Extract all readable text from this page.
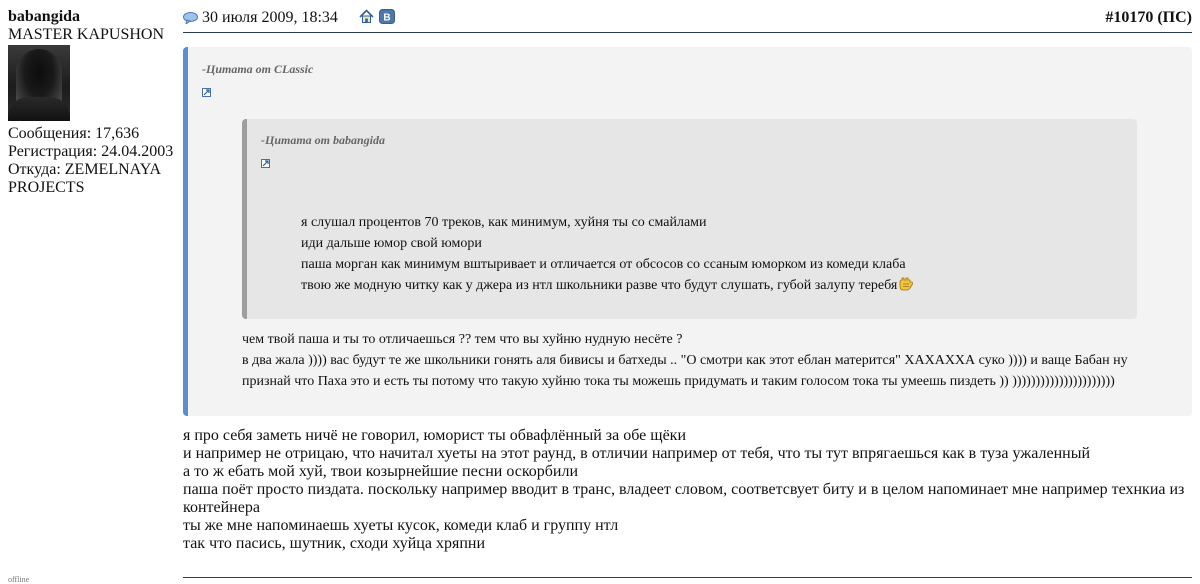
babangida
MASTER KAPUSHON
Сообщения: 17,636
Регистрация: 24.04.2003
Откуда: ZEMELNAYA PROJECTS
offline
30 июля 2009, 18:34	В	#10170 (ПС)
-Цитата от CLassic
-Цитата от babangida
я слушал процентов 70 треков, как минимум, хуйня ты со смайлами
иди дальше юмор свой юмори
паша морган как минимум вштыривает и отличается от обсосов со ссаным юморком из комеди клаба
твою же модную читку как у джера из нтл школьники разве что будут слушать, губой залупу теребя
чем твой паша и ты то отличаешься ?? тем что вы хуйню нудную несёте ?
в два жала )))) вас будут те же школьники гонять аля бивисы и батхеды .. "О смотри как этот еблан матерится" ХАХАХХА суко )))) и ваще Бабан ну
признай что Паха это и есть ты потому что такую хуйню тока ты можешь придумать и таким голосом тока ты умеешь пиздеть )) ))))))))))))))))))))))
я про себя заметь ничё не говорил, юморист ты обвафлённый за обе щёки
и например не отрицаю, что начитал хуеты на этот раунд, в отличии например от тебя, что ты тут впрягаешься как в туза ужаленный
а то ж ебать мой хуй, твои козырнейшие песни оскорбили
паша поёт просто пиздата. поскольку например вводит в транс, владеет словом, соответсвует биту и в целом напоминает мне например технкиа из контейнера
ты же мне напоминаешь хуеты кусок, комеди клаб и группу нтл
так что пасись, шутник, сходи хуйца хряпни
